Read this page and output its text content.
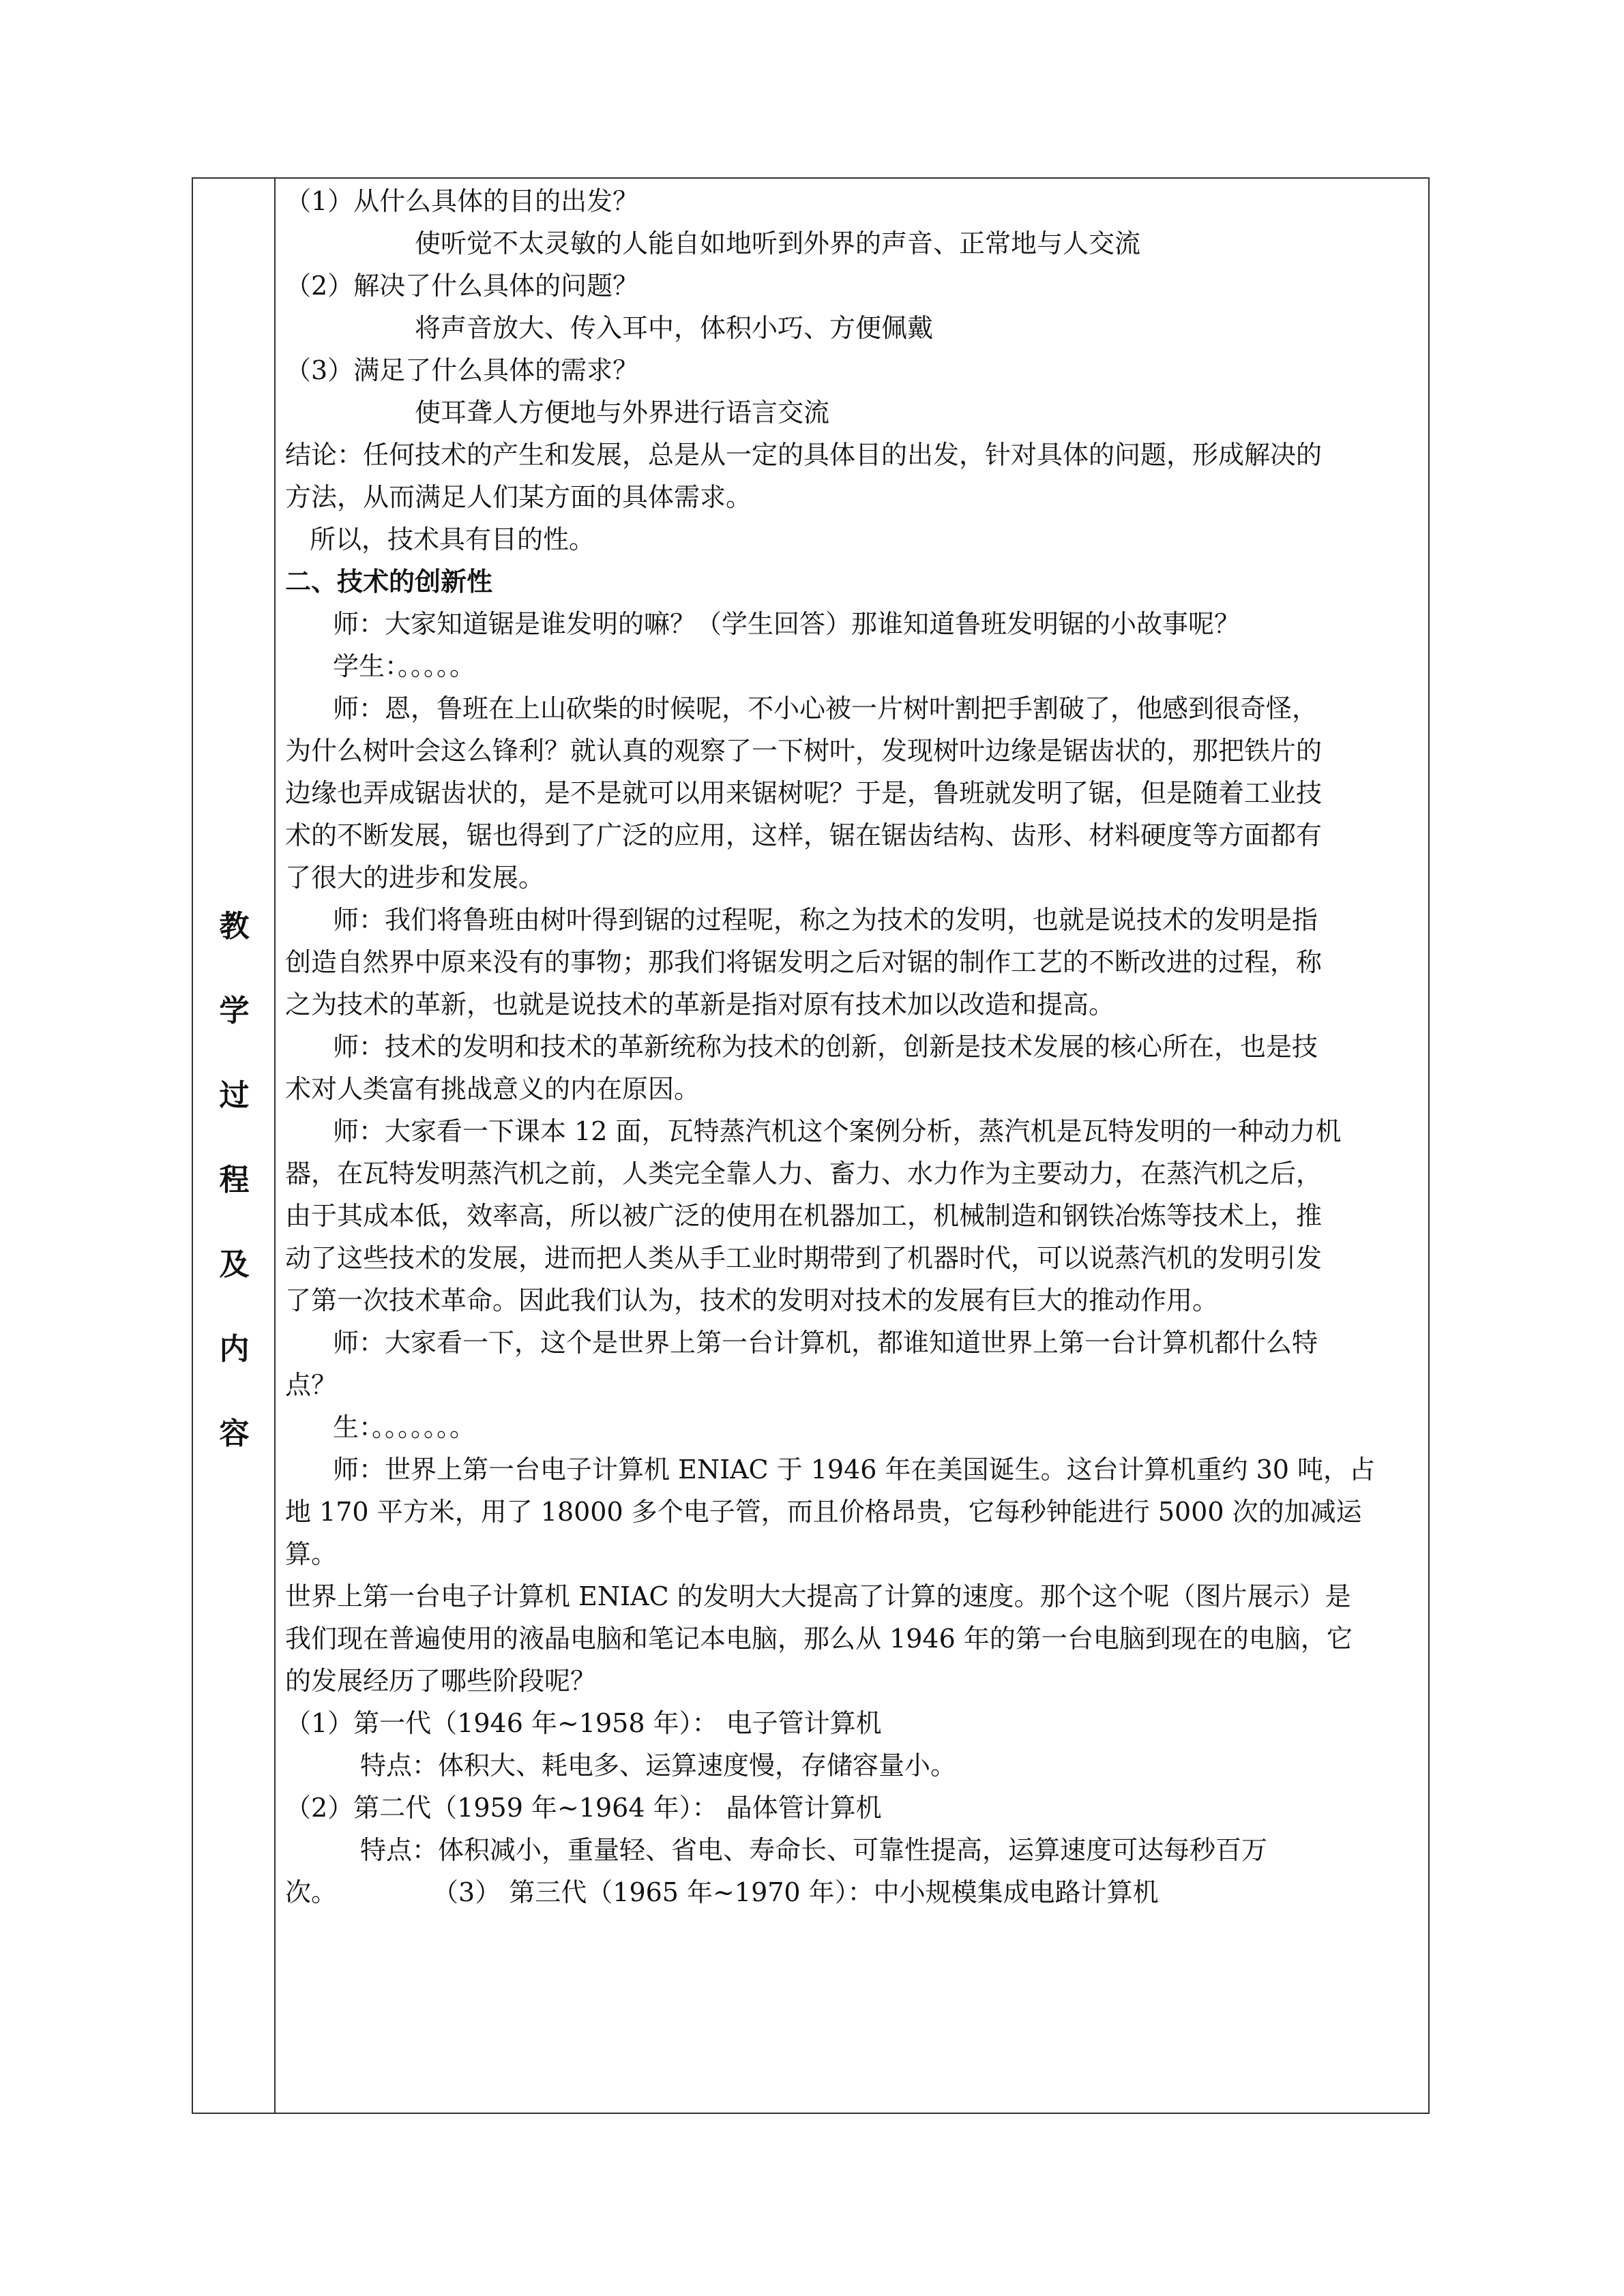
教
学
过
程
及
内
容
（1）从什么具体的目的出发？
使听觉不太灵敏的人能自如地听到外界的声音、正常地与人交流
（2）解决了什么具体的问题？
将声音放大、传入耳中，体积小巧、方便佩戴
（3）满足了什么具体的需求？
使耳聋人方便地与外界进行语言交流
结论：任何技术的产生和发展，总是从一定的具体目的出发，针对具体的问题，形成解决的
方法，从而满足人们某方面的具体需求。
所以，技术具有目的性。
二、技术的创新性
师：大家知道锯是谁发明的嘛？（学生回答）那谁知道鲁班发明锯的小故事呢？
学生：。。。。。
师：恩，鲁班在上山砍柴的时候呢，不小心被一片树叶割把手割破了，他感到很奇怪，
为什么树叶会这么锋利？就认真的观察了一下树叶，发现树叶边缘是锯齿状的，那把铁片的
边缘也弄成锯齿状的，是不是就可以用来锯树呢？于是，鲁班就发明了锯，但是随着工业技
术的不断发展，锯也得到了广泛的应用，这样，锯在锯齿结构、齿形、材料硬度等方面都有
了很大的进步和发展。
师：我们将鲁班由树叶得到锯的过程呢，称之为技术的发明，也就是说技术的发明是指
创造自然界中原来没有的事物；那我们将锯发明之后对锯的制作工艺的不断改进的过程，称
之为技术的革新，也就是说技术的革新是指对原有技术加以改造和提高。
师：技术的发明和技术的革新统称为技术的创新，创新是技术发展的核心所在，也是技
术对人类富有挑战意义的内在原因。
师：大家看一下课本 12 面，瓦特蒸汽机这个案例分析，蒸汽机是瓦特发明的一种动力机
器，在瓦特发明蒸汽机之前，人类完全靠人力、畜力、水力作为主要动力，在蒸汽机之后，
由于其成本低，效率高，所以被广泛的使用在机器加工，机械制造和钢铁冶炼等技术上，推
动了这些技术的发展，进而把人类从手工业时期带到了机器时代，可以说蒸汽机的发明引发
了第一次技术革命。因此我们认为，技术的发明对技术的发展有巨大的推动作用。
师：大家看一下，这个是世界上第一台计算机，都谁知道世界上第一台计算机都什么特
点？
生：。。。。。。。
师：世界上第一台电子计算机 ENIAC 于 1946 年在美国诞生。这台计算机重约 30 吨，占
地 170 平方米，用了 18000 多个电子管，而且价格昂贵，它每秒钟能进行 5000 次的加减运
算。
世界上第一台电子计算机 ENIAC 的发明大大提高了计算的速度。那个这个呢（图片展示）是
我们现在普遍使用的液晶电脑和笔记本电脑，那么从 1946 年的第一台电脑到现在的电脑，它
的发展经历了哪些阶段呢？
（1）第一代（1946 年~1958 年）： 电子管计算机
特点：体积大、耗电多、运算速度慢，存储容量小。
（2）第二代（1959 年~1964 年）： 晶体管计算机
特点：体积减小，重量轻、省电、寿命长、可靠性提高，运算速度可达每秒百万
次。	（3） 第三代（1965 年~1970 年）：中小规模集成电路计算机
